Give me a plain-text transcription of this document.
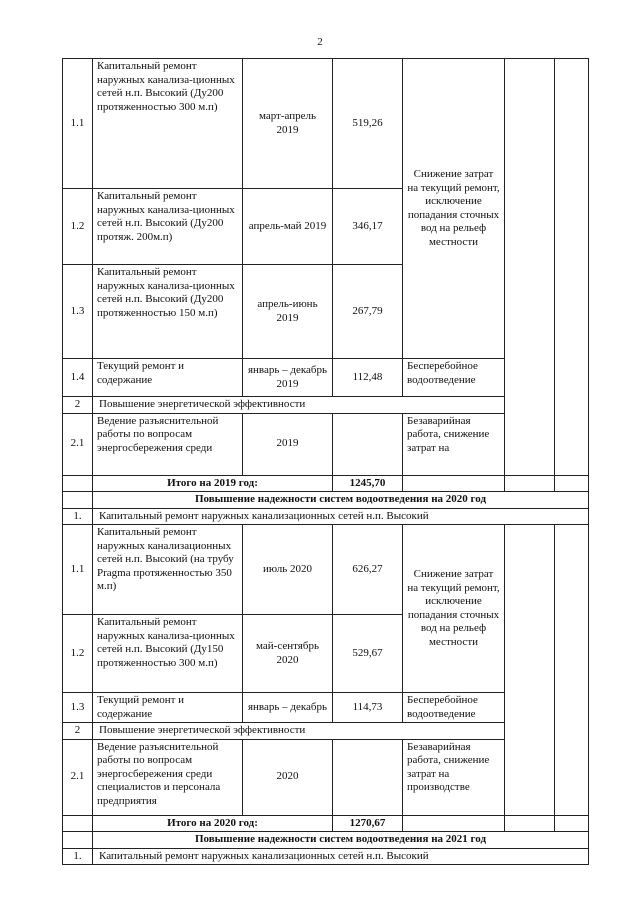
2
1.1	Капитальный ремонт наружных канализа-ционных сетей н.п. Высокий (Ду200 протяженностью 300 м.п)	март-апрель 2019	519,26	Снижение затрат на текущий ремонт, исключение попадания сточных вод на рельеф местности		
1.2	Капитальный ремонт наружных канализа-ционных сетей н.п. Высокий (Ду200 протяж. 200м.п)	апрель-май 2019	346,17			
1.3	Капитальный ремонт наружных канализа-ционных сетей н.п. Высокий (Ду200 протяженностью 150 м.п)	апрель-июнь 2019	267,79			
1.4	Текущий ремонт и содержание	январь – декабрь 2019	112,48	Бесперебойное водоотведение		
2	Повышение энергетической эффективности					
2.1	Ведение разъяснительной работы по вопросам энергосбережения среди	2019		Безаварийная работа, снижение затрат на		
	Итого на 2019 год:		1245,70			
	Повышение надежности систем водоотведения на 2020 год					
1.	Капитальный ремонт наружных канализационных сетей н.п. Высокий					
1.1	Капитальный ремонт наружных канализационных сетей н.п. Высокий (на трубу Pragma протяженностью 350 м.п)	июль 2020	626,27	Снижение затрат на текущий ремонт, исключение попадания сточных вод на рельеф местности		
1.2	Капитальный ремонт наружных канализа-ционных сетей н.п. Высокий (Ду150 протяженностью 300 м.п)	май-сентябрь 2020	529,67			
1.3	Текущий ремонт и содержание	январь – декабрь	114,73	Бесперебойное водоотведение		
2	Повышение энергетической эффективности					
2.1	Ведение разъяснительной работы по вопросам энергосбережения среди специалистов и персонала предприятия	2020		Безаварийная работа, снижение затрат на производстве		
	Итого на 2020 год:		1270,67			
	Повышение надежности систем водоотведения на 2021 год					
1.	Капитальный ремонт наружных канализационных сетей н.п. Высокий					
